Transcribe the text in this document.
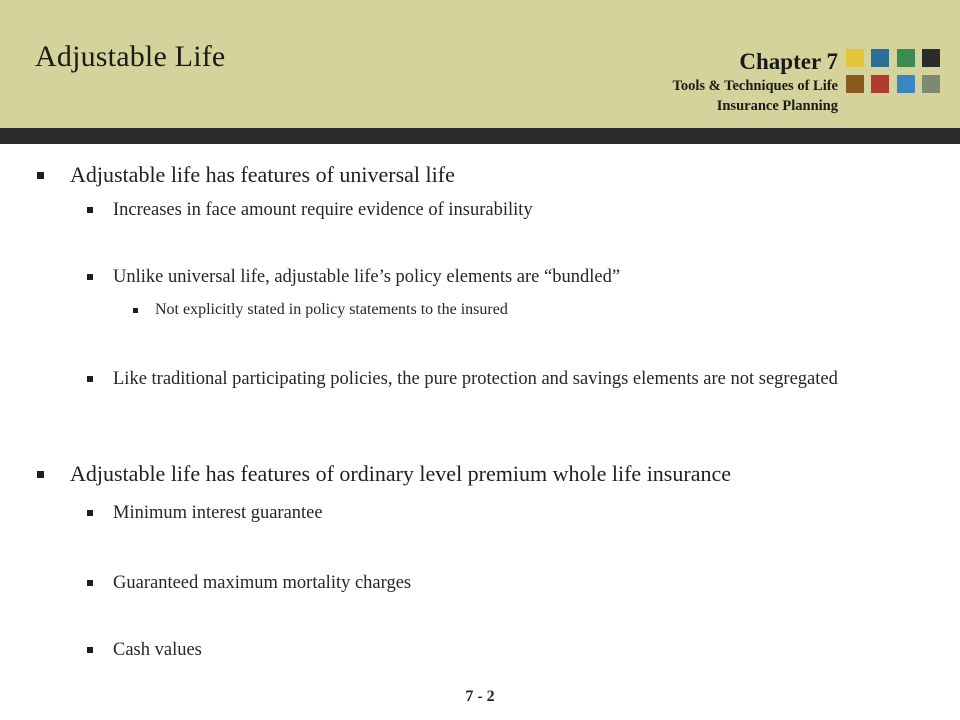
Adjustable Life	Chapter 7
Tools & Techniques of Life
Insurance Planning
Adjustable life has features of universal life
Increases in face amount require evidence of insurability
Unlike universal life, adjustable life’s policy elements are “bundled”
Not explicitly stated in policy statements to the insured
Like traditional participating policies, the pure protection and savings elements are not segregated
Adjustable life has features of ordinary level premium whole life insurance
Minimum interest guarantee
Guaranteed maximum mortality charges
Cash values
7 - 2
